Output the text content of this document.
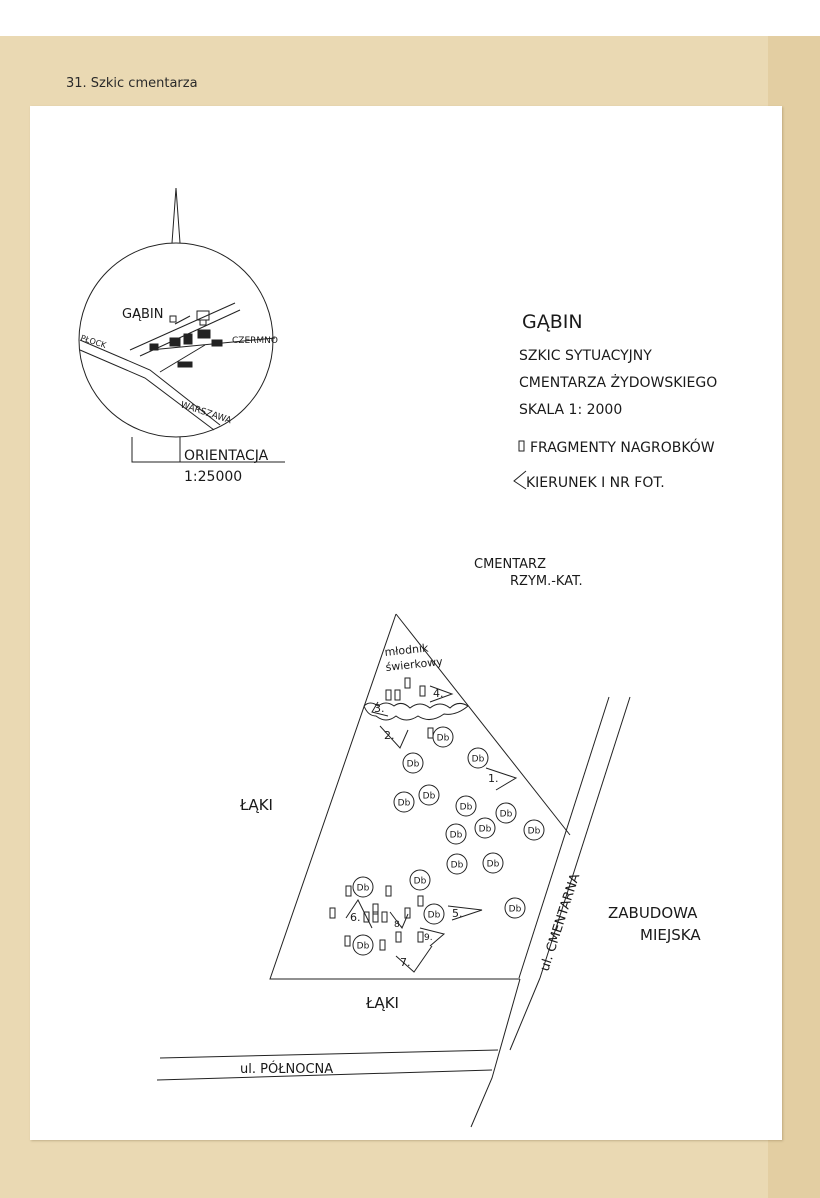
31. Szkic cmentarza
GĄBIN
PŁOCK	CZERMNO
WARSZAWA
ORIENTACJA
1:25000
GĄBIN
SZKIC SYTUACYJNY
CMENTARZA ŻYDOWSKIEGO
SKALA 1: 2000
FRAGMENTY NAGROBKÓW
KIERUNEK I NR FOT.
CMENTARZ
RZYM.-KAT.
młodnik
świerkowy
ŁĄKI
ŁĄKI
ZABUDOWA
MIEJSKA
ul. CMENTARNA
ul. PÓŁNOCNA
4.
3.
2.
1.
5.
6.
7.
8.
9.
Db
Db	Db
Db
Db
Db
Db
Db
Db	Db
Db	Db
Db
Db
Db
Db
Db
